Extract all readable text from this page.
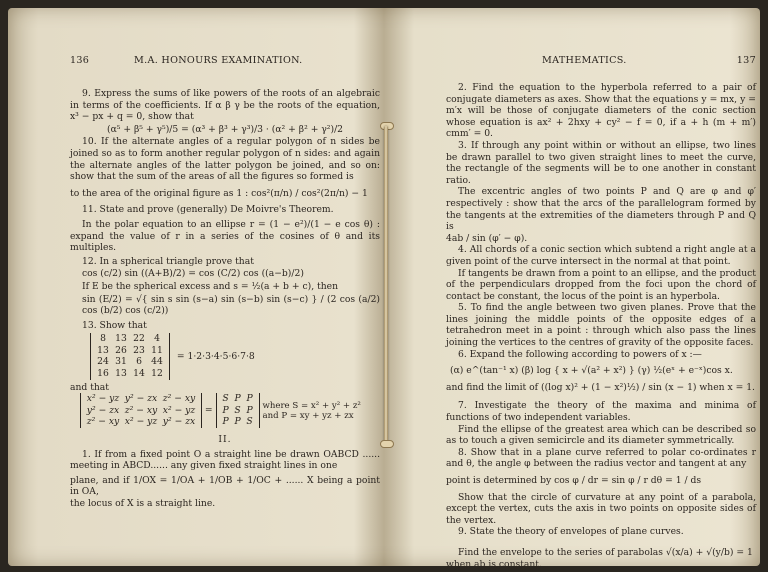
136	M.A. HONOURS EXAMINATION.

9. Express the sums of like powers of the roots of an algebraic in terms of the coefficients. If α β γ be the roots of the equation, x³ − px + q = 0, show that

(α⁵ + β⁵ + γ⁵)/5 = (α³ + β³ + γ³)/3 · (α² + β² + γ²)/2

10. If the alternate angles of a regular polygon of n sides be joined so as to form another regular polygon of n sides: and again the alternate angles of the latter polygon be joined, and so on: show that the sum of the areas of all the figures so formed is

to the area of the original figure as 1 : cos²(π/n) / cos²(2π/n) − 1

11. State and prove (generally) De Moivre's Theorem.

In the polar equation to an ellipse r = (1 − e²)/(1 − e cos θ) : expand the value of r in a series of the cosines of θ and its multiples.

12. In a spherical triangle prove that

cos (c/2) sin ((A+B)/2) = cos (C/2) cos ((a−b)/2)

If E be the spherical excess and s = ½(a + b + c), then

sin (E/2) = √{ sin s sin (s−a) sin (s−b) sin (s−c) } / (2 cos (a/2) cos (b/2) cos (c/2))

13. Show that

8	13 22	4
13 26 23 11
24 31	6	44
16 13 14 12
= 1·2·3·4·5·6·7·8

and that

x² − yz y² − zx z² − xy
y² − zx z² − xy x² − yz
z² − xy x² − yz y² − zx
=
S P P
P S P
P P S
where S = x² + y² + z²
and P = xy + yz + zx

II.

1. If from a fixed point O a straight line be drawn OABCD ...... meeting in ABCD...... any given fixed straight lines in one

plane, and if 1/OX = 1/OA + 1/OB + 1/OC + ...... X being a point in OA,

the locus of X is a straight line.

MATHEMATICS.	137

2. Find the equation to the hyperbola referred to a pair of conjugate diameters as axes. Show that the equations y = mx, y = m′x will be those of conjugate diameters of the conic section whose equation is ax² + 2hxy + cy² − f = 0, if a + h (m + m′) cmm′ = 0.

3. If through any point within or without an ellipse, two lines be drawn parallel to two given straight lines to meet the curve, the rectangle of the segments will be to one another in constant ratio.

The excentric angles of two points P and Q are φ and φ′ respectively : show that the arcs of the parallelogram formed by the tangents at the extremities of the diameters through P and Q is

4ab / sin (φ′ − φ).

4. All chords of a conic section which subtend a right angle at a given point of the curve intersect in the normal at that point.

If tangents be drawn from a point to an ellipse, and the product of the perpendiculars dropped from the foci upon the chord of contact be constant, the locus of the point is an hyperbola.

5. To find the angle between two given planes. Prove that the lines joining the middle points of the opposite edges of a tetrahedron meet in a point : through which also pass the lines joining the vertices to the centres of gravity of the opposite faces.

6. Expand the following according to powers of x :—

(α) e^(tan⁻¹ x) (β) log { x + √(a² + x²) } (γ) ½(eˣ + e⁻ˣ)cos x.

and find the limit of ((log x)² + (1 − x²)½) / sin (x − 1) when x = 1.

7. Investigate the theory of the maxima and minima of functions of two independent variables.

Find the ellipse of the greatest area which can be described so as to touch a given semicircle and its diameter symmetrically.

8. Show that in a plane curve referred to polar co-ordinates r and θ, the angle φ between the radius vector and tangent at any

point is determined by cos φ / dr = sin φ / r dθ = 1 / ds

Show that the circle of curvature at any point of a parabola, except the vertex, cuts the axis in two points on opposite sides of the vertex.

9. State the theory of envelopes of plane curves.

Find the envelope to the series of parabolas √(x/a) + √(y/b) = 1

when ab is constant.
